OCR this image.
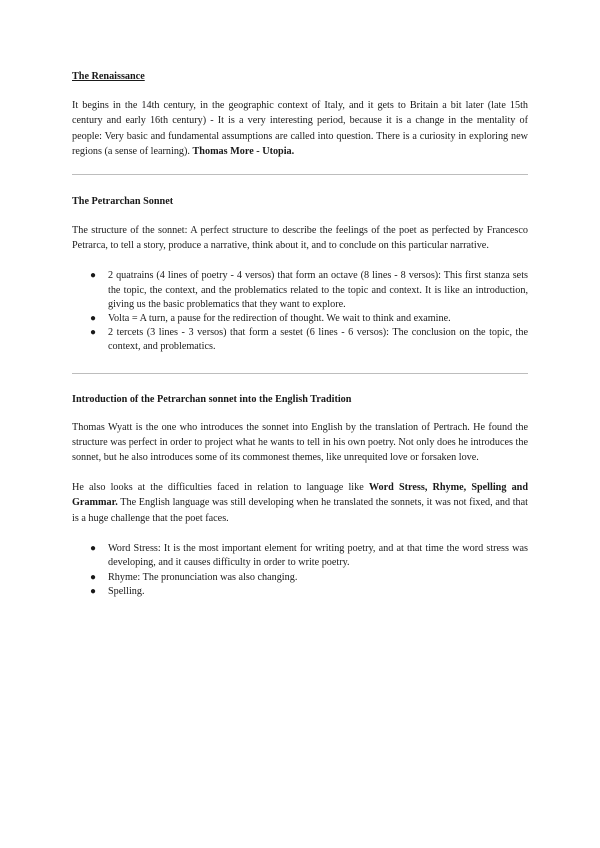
The Renaissance

It begins in the 14th century, in the geographic context of Italy, and it gets to Britain a bit later (late 15th century and early 16th century) - It is a very interesting period, because it is a change in the mentality of people: Very basic and fundamental assumptions are called into question. There is a curiosity in exploring new regions (a sense of learning). Thomas More - Utopia.

The Petrarchan Sonnet

The structure of the sonnet: A perfect structure to describe the feelings of the poet as perfected by Francesco Petrarca, to tell a story, produce a narrative, think about it, and to conclude on this particular narrative.

● 2 quatrains (4 lines of poetry - 4 versos) that form an octave (8 lines - 8 versos): This first stanza sets the topic, the context, and the problematics related to the topic and context. It is like an introduction, giving us the basic problematics that they want to explore.
● Volta = A turn, a pause for the redirection of thought. We wait to think and examine.
● 2 tercets (3 lines - 3 versos) that form a sestet (6 lines - 6 versos): The conclusion on the topic, the context, and problematics.
Introduction of the Petrarchan sonnet into the English Tradition

Thomas Wyatt is the one who introduces the sonnet into English by the translation of Pertrach. He found the structure was perfect in order to project what he wants to tell in his own poetry. Not only does he introduces the sonnet, but he also introduces some of its commonest themes, like unrequited love or forsaken love.

He also looks at the difficulties faced in relation to language like Word Stress, Rhyme, Spelling and Grammar. The English language was still developing when he translated the sonnets, it was not fixed, and that is a huge challenge that the poet faces.

● Word Stress: It is the most important element for writing poetry, and at that time the word stress was developing, and it causes difficulty in order to write poetry.
● Rhyme: The pronunciation was also changing.
● Spelling.
